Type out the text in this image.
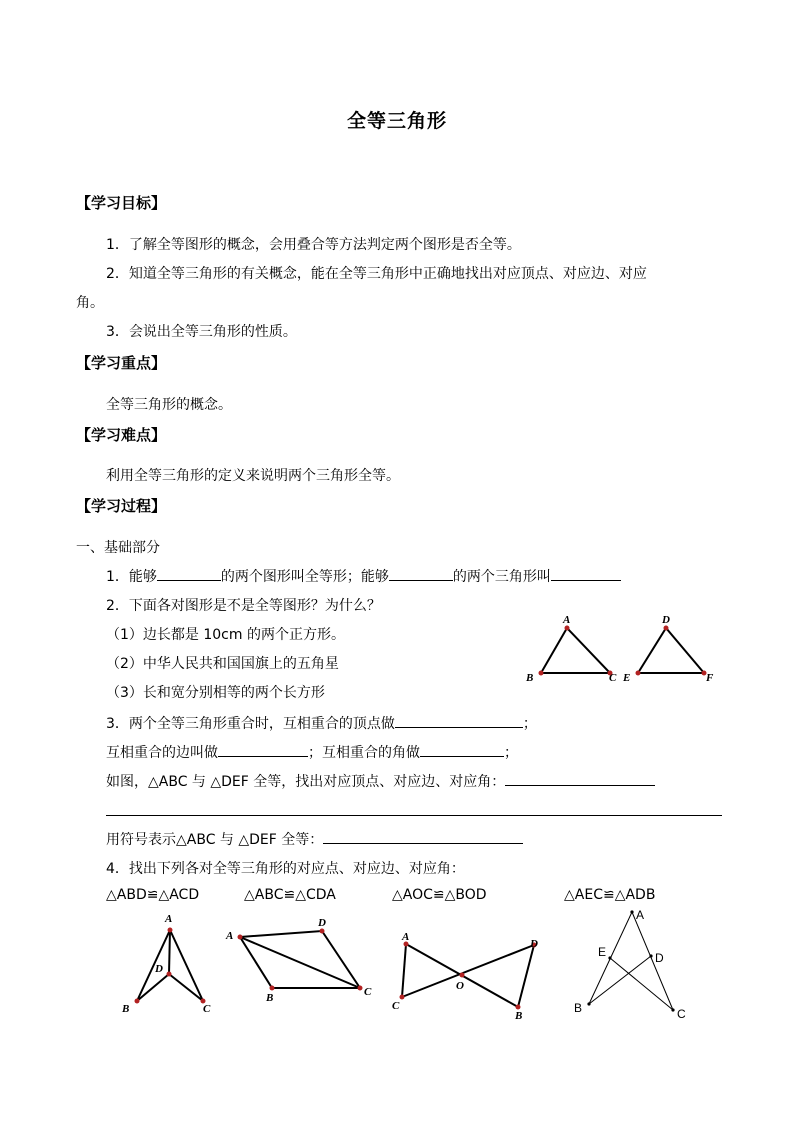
全等三角形
【学习目标】
1．了解全等图形的概念，会用叠合等方法判定两个图形是否全等。
2．知道全等三角形的有关概念，能在全等三角形中正确地找出对应顶点、对应边、对应
角。
3．会说出全等三角形的性质。
【学习重点】
全等三角形的概念。
【学习难点】
利用全等三角形的定义来说明两个三角形全等。
【学习过程】
一、基础部分
1．能够	的两个图形叫全等形；能够	的两个三角形叫
2．下面各对图形是不是全等图形？为什么？
（1）边长都是 10cm 的两个正方形。
（2）中华人民共和国国旗上的五角星
（3）长和宽分别相等的两个长方形
A
B	C
D
E	F
3．两个全等三角形重合时，互相重合的顶点做	；
互相重合的边叫做	；互相重合的角做	；
如图，△ABC 与 △DEF 全等，找出对应顶点、对应边、对应角：
用符号表示△ABC 与 △DEF 全等：
4．找出下列各对全等三角形的对应点、对应边、对应角：
△ABD≌△ACD	△ABC≌△CDA	△AOC≌△BOD	△AEC≌△ADB
A
D
B	C
A
D
B	C
A
D
O
C
B
A
E	D
B	C
